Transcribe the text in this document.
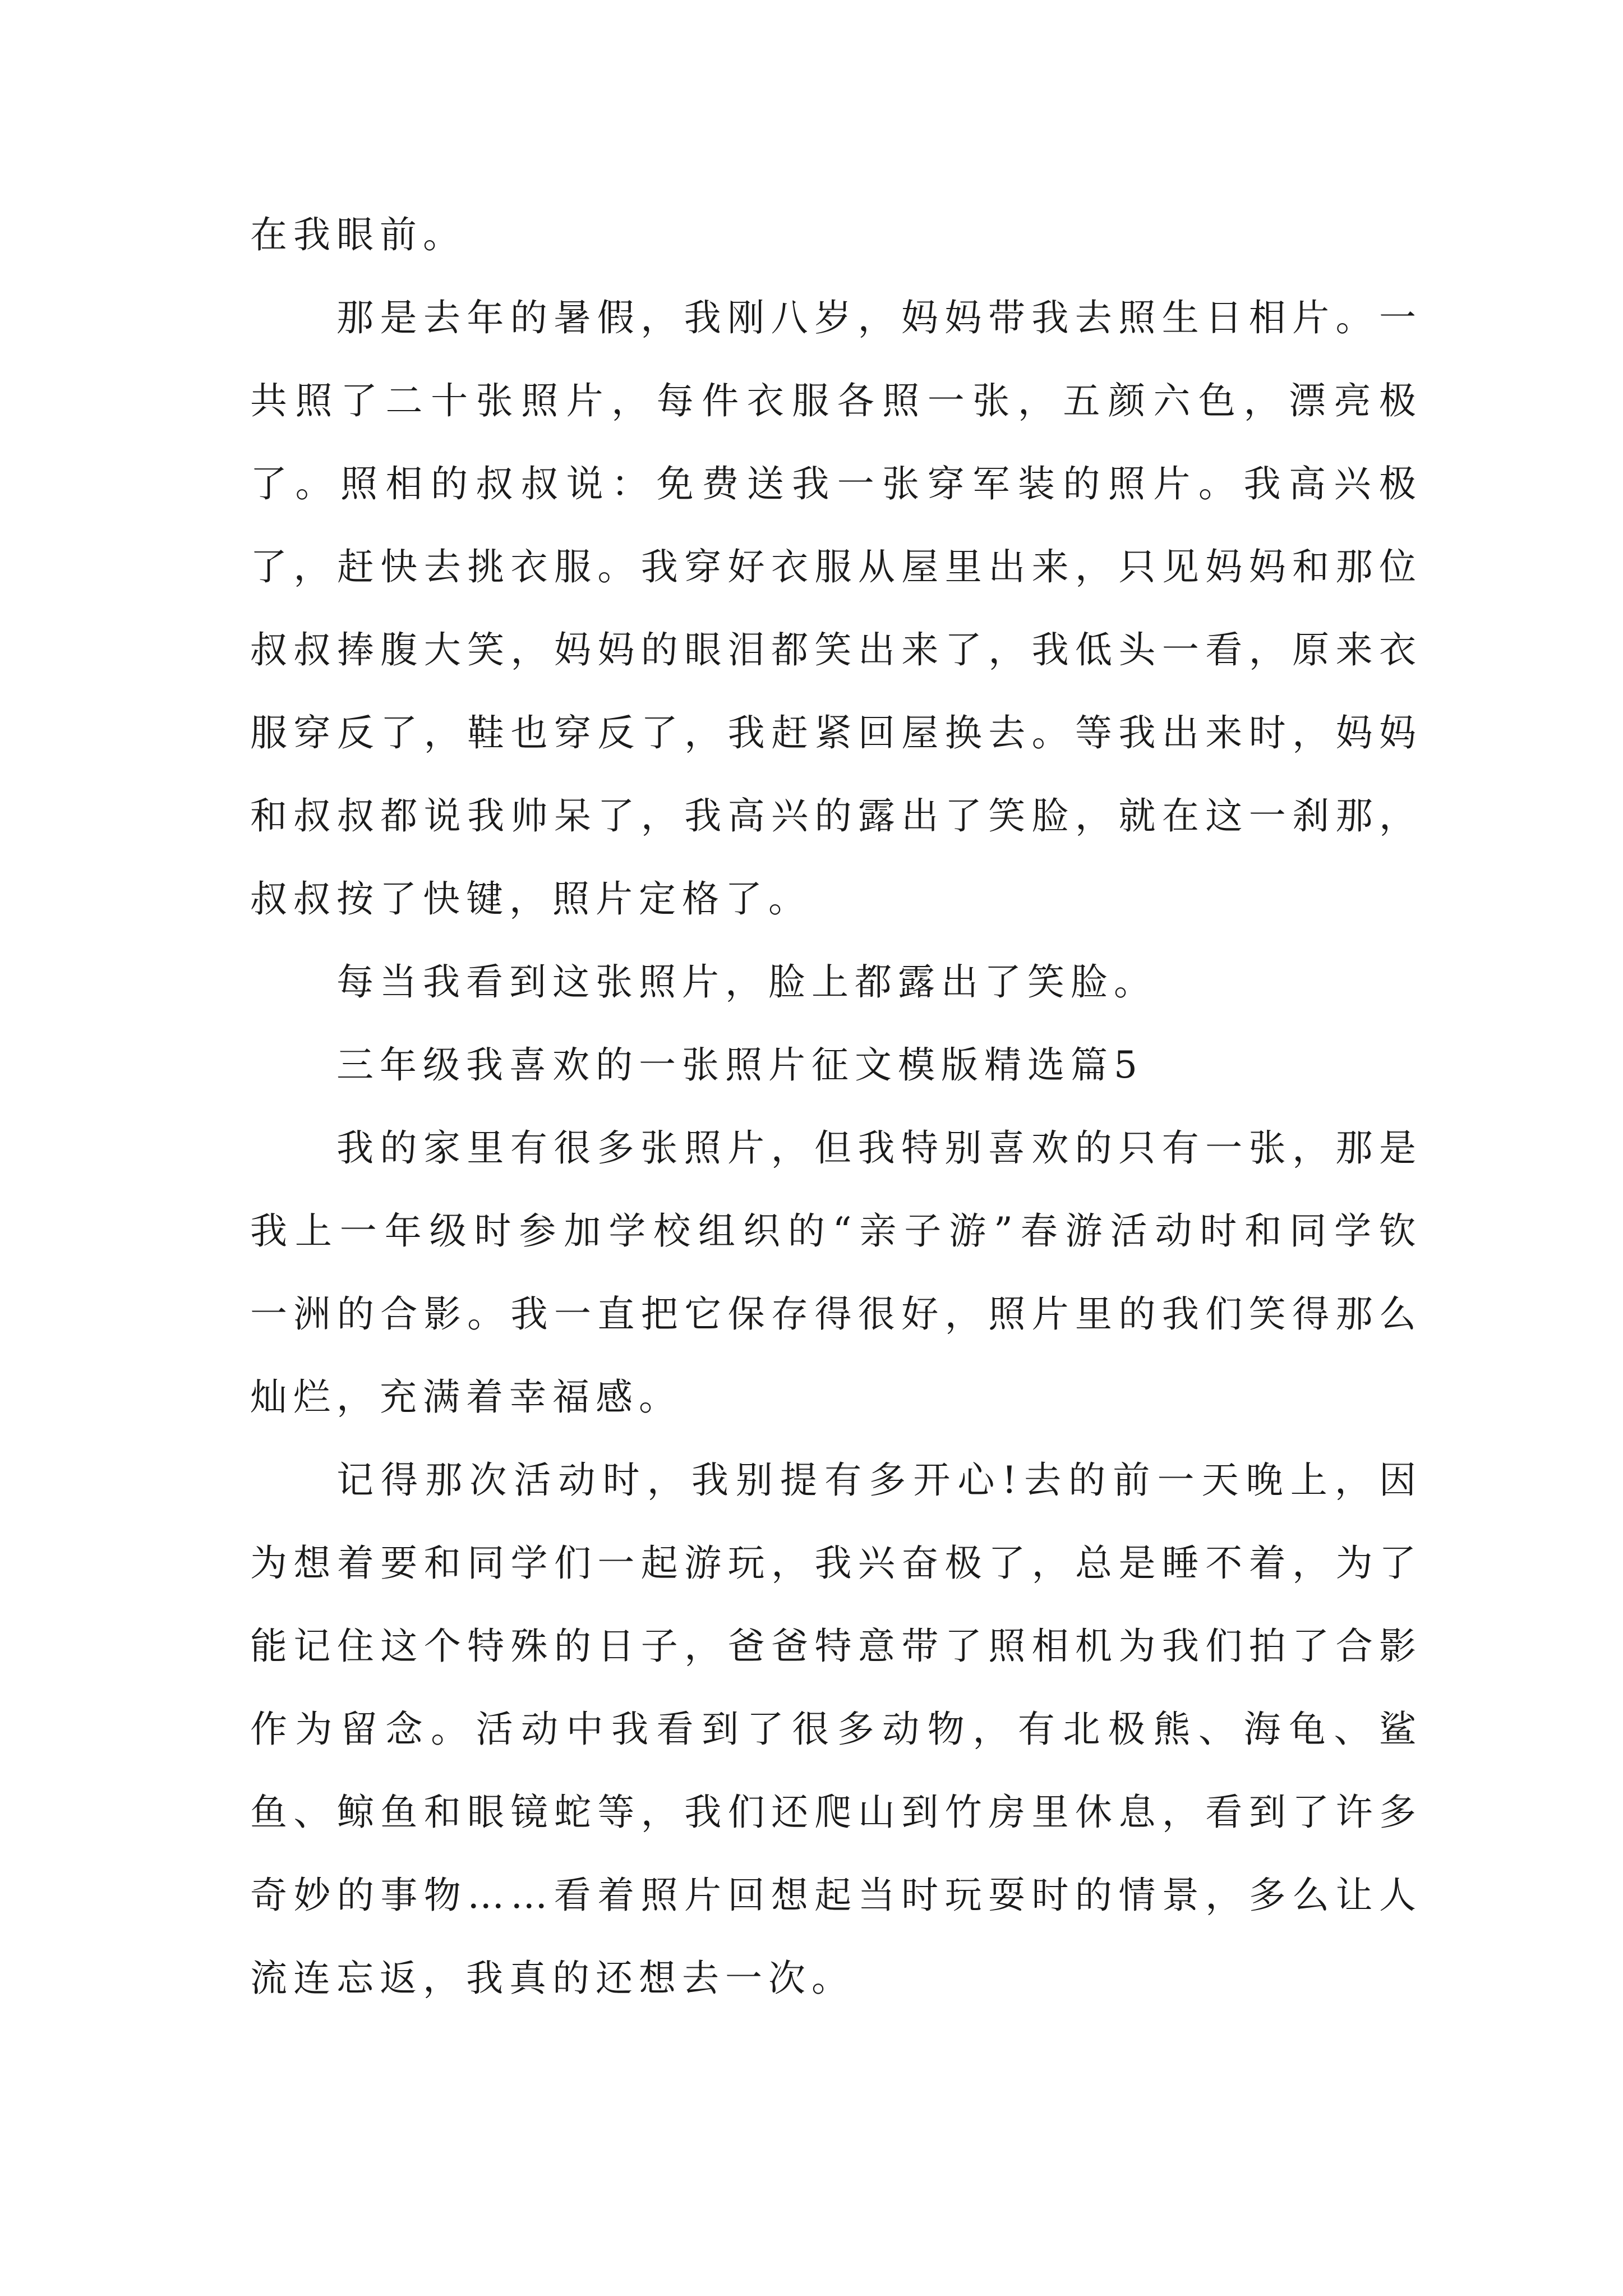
在我眼前。

那是去年的暑假，我刚八岁，妈妈带我去照生日相片。一共照了二十张照片，每件衣服各照一张，五颜六色，漂亮极了。照相的叔叔说：免费送我一张穿军装的照片。我高兴极了，赶快去挑衣服。我穿好衣服从屋里出来，只见妈妈和那位叔叔捧腹大笑，妈妈的眼泪都笑出来了，我低头一看，原来衣服穿反了，鞋也穿反了，我赶紧回屋换去。等我出来时，妈妈和叔叔都说我帅呆了，我高兴的露出了笑脸，就在这一刹那，叔叔按了快键，照片定格了。

每当我看到这张照片，脸上都露出了笑脸。

三年级我喜欢的一张照片征文模版精选篇5

我的家里有很多张照片，但我特别喜欢的只有一张，那是我上一年级时参加学校组织的“亲子游”春游活动时和同学钦一洲的合影。我一直把它保存得很好，照片里的我们笑得那么灿烂，充满着幸福感。

记得那次活动时，我别提有多开心!去的前一天晚上，因为想着要和同学们一起游玩，我兴奋极了，总是睡不着，为了能记住这个特殊的日子，爸爸特意带了照相机为我们拍了合影作为留念。活动中我看到了很多动物，有北极熊、海龟、鲨鱼、鲸鱼和眼镜蛇等，我们还爬山到竹房里休息，看到了许多奇妙的事物……看着照片回想起当时玩耍时的情景，多么让人流连忘返，我真的还想去一次。
